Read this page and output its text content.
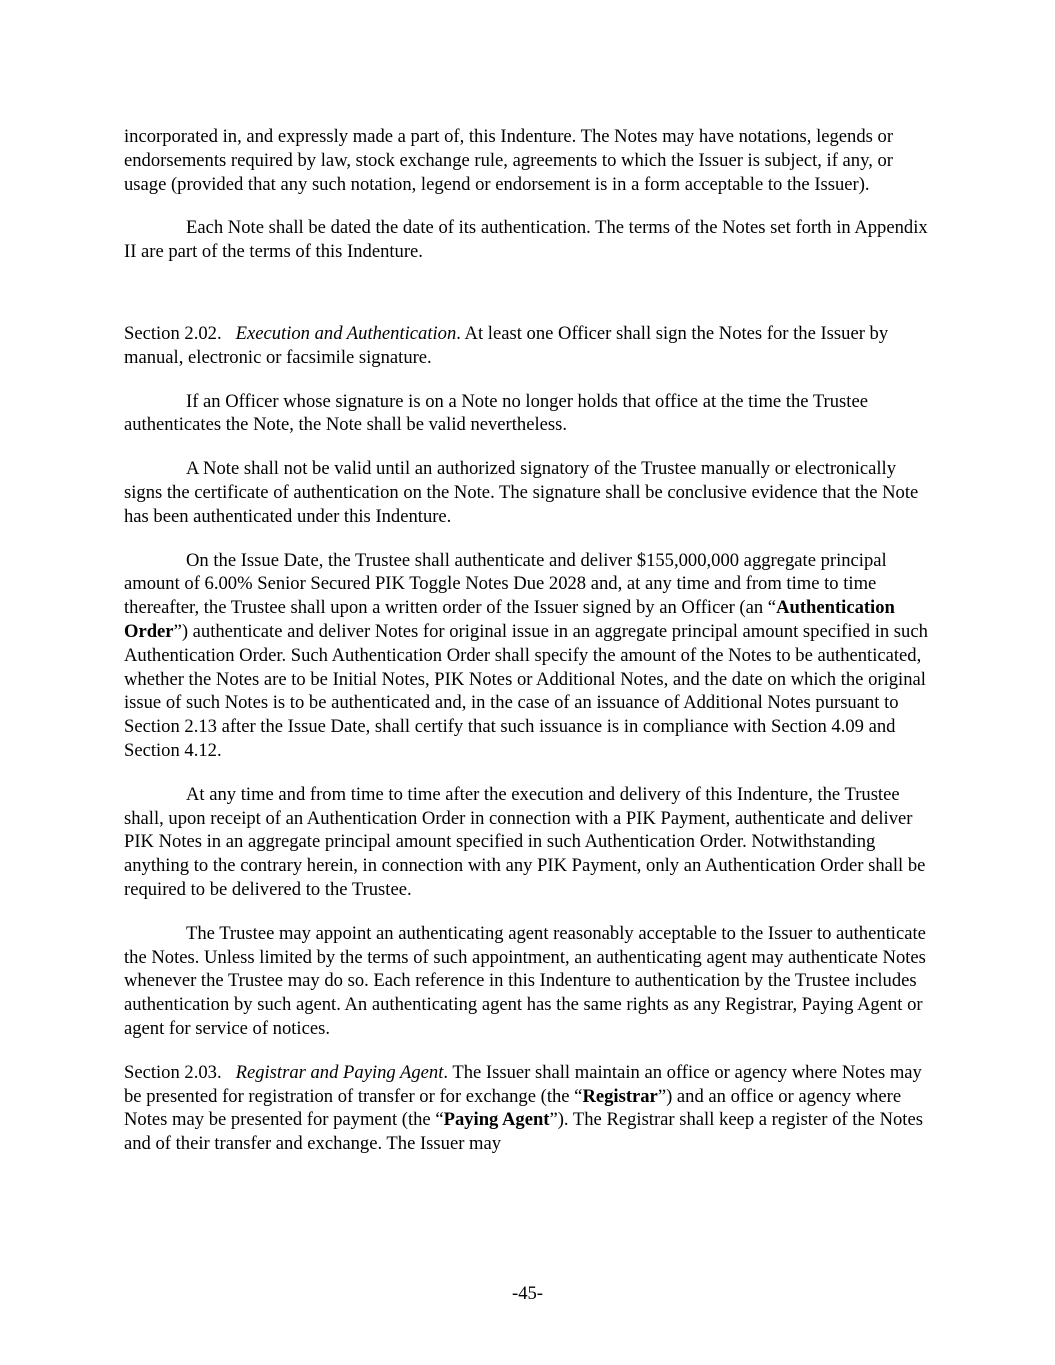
incorporated in, and expressly made a part of, this Indenture. The Notes may have notations, legends or endorsements required by law, stock exchange rule, agreements to which the Issuer is subject, if any, or usage (provided that any such notation, legend or endorsement is in a form acceptable to the Issuer).

Each Note shall be dated the date of its authentication. The terms of the Notes set forth in Appendix II are part of the terms of this Indenture.

Section 2.02. Execution and Authentication. At least one Officer shall sign the Notes for the Issuer by manual, electronic or facsimile signature.

If an Officer whose signature is on a Note no longer holds that office at the time the Trustee authenticates the Note, the Note shall be valid nevertheless.

A Note shall not be valid until an authorized signatory of the Trustee manually or electronically signs the certificate of authentication on the Note. The signature shall be conclusive evidence that the Note has been authenticated under this Indenture.

On the Issue Date, the Trustee shall authenticate and deliver $155,000,000 aggregate principal amount of 6.00% Senior Secured PIK Toggle Notes Due 2028 and, at any time and from time to time thereafter, the Trustee shall upon a written order of the Issuer signed by an Officer (an “Authentication Order”) authenticate and deliver Notes for original issue in an aggregate principal amount specified in such Authentication Order. Such Authentication Order shall specify the amount of the Notes to be authenticated, whether the Notes are to be Initial Notes, PIK Notes or Additional Notes, and the date on which the original issue of such Notes is to be authenticated and, in the case of an issuance of Additional Notes pursuant to Section 2.13 after the Issue Date, shall certify that such issuance is in compliance with Section 4.09 and Section 4.12.

At any time and from time to time after the execution and delivery of this Indenture, the Trustee shall, upon receipt of an Authentication Order in connection with a PIK Payment, authenticate and deliver PIK Notes in an aggregate principal amount specified in such Authentication Order. Notwithstanding anything to the contrary herein, in connection with any PIK Payment, only an Authentication Order shall be required to be delivered to the Trustee.

The Trustee may appoint an authenticating agent reasonably acceptable to the Issuer to authenticate the Notes. Unless limited by the terms of such appointment, an authenticating agent may authenticate Notes whenever the Trustee may do so. Each reference in this Indenture to authentication by the Trustee includes authentication by such agent. An authenticating agent has the same rights as any Registrar, Paying Agent or agent for service of notices.

Section 2.03. Registrar and Paying Agent. The Issuer shall maintain an office or agency where Notes may be presented for registration of transfer or for exchange (the “Registrar”) and an office or agency where Notes may be presented for payment (the “Paying Agent”). The Registrar shall keep a register of the Notes and of their transfer and exchange. The Issuer may

-45-
